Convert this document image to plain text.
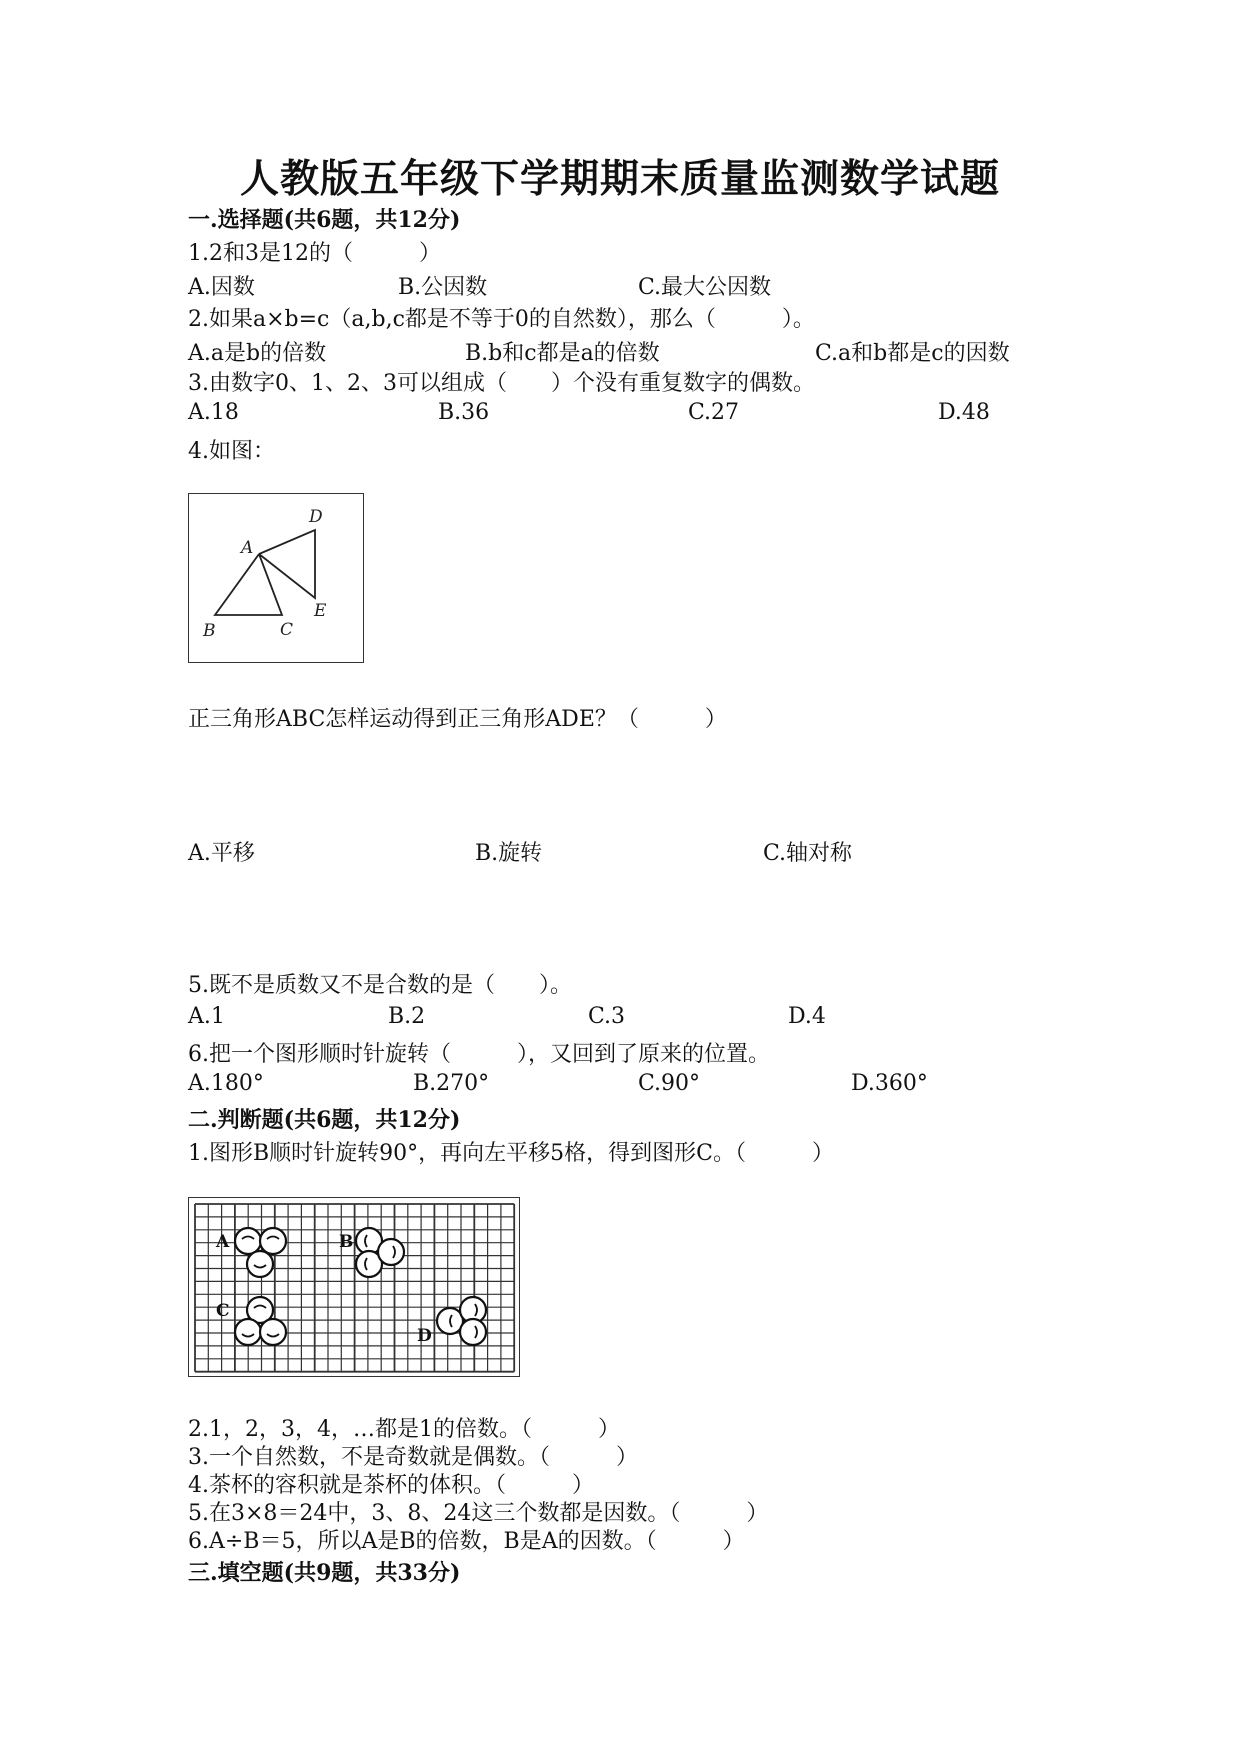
人教版五年级下学期期末质量监测数学试题
一.选择题(共6题，共12分)
1.2和3是12的（　　　）
A.因数	B.公因数	C.最大公因数
2.如果a×b=c（a,b,c都是不等于0的自然数），那么（　　　）。
A.a是b的倍数	B.b和c都是a的倍数	C.a和b都是c的因数
3.由数字0、1、2、3可以组成（　　）个没有重复数字的偶数。
A.18	B.36	C.27	D.48
4.如图：
A
B	C
D
E
正三角形ABC怎样运动得到正三角形ADE？（　　　）
A.平移	B.旋转	C.轴对称
5.既不是质数又不是合数的是（　　）。
A.1	B.2	C.3	D.4
6.把一个图形顺时针旋转（　　　），又回到了原来的位置。
A.180°	B.270°	C.90°	D.360°
二.判断题(共6题，共12分)
1.图形B顺时针旋转90°，再向左平移5格，得到图形C。（　　　）
A	B
C
D
2.1，2，3，4，…都是1的倍数。（　　　）
3.一个自然数，不是奇数就是偶数。（　　　）
4.茶杯的容积就是茶杯的体积。（　　　）
5.在3×8＝24中，3、8、24这三个数都是因数。（　　　）
6.A÷B＝5，所以A是B的倍数，B是A的因数。（　　　）
三.填空题(共9题，共33分)
